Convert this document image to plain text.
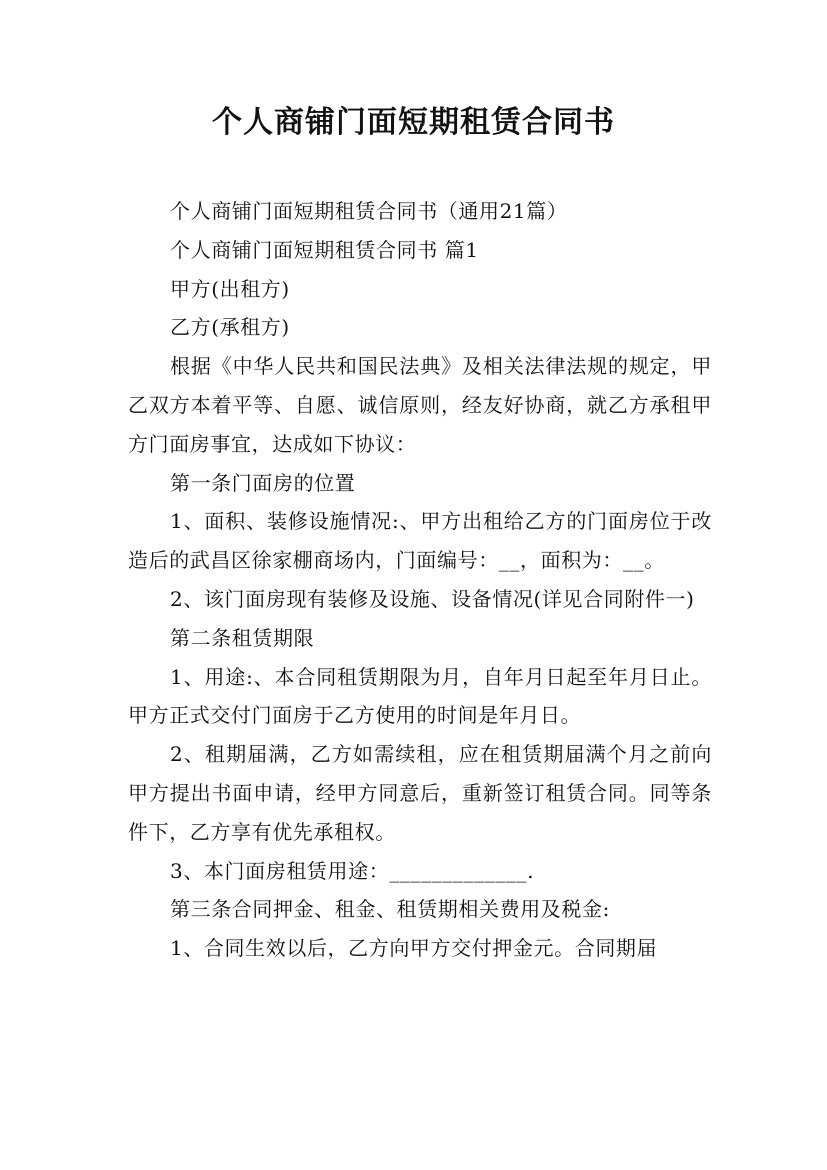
个人商铺门面短期租赁合同书

个人商铺门面短期租赁合同书（通用21篇）

个人商铺门面短期租赁合同书 篇1

甲方(出租方)

乙方(承租方)

根据《中华人民共和国民法典》及相关法律法规的规定，甲乙双方本着平等、自愿、诚信原则，经友好协商，就乙方承租甲方门面房事宜，达成如下协议：

第一条门面房的位置

1、面积、装修设施情况:、甲方出租给乙方的门面房位于改造后的武昌区徐家棚商场内，门面编号：__，面积为：__。

2、该门面房现有装修及设施、设备情况(详见合同附件一)

第二条租赁期限

1、用途:、本合同租赁期限为月，自年月日起至年月日止。甲方正式交付门面房于乙方使用的时间是年月日。

2、租期届满，乙方如需续租，应在租赁期届满个月之前向甲方提出书面申请，经甲方同意后，重新签订租赁合同。同等条件下，乙方享有优先承租权。

3、本门面房租赁用途：_____________.

第三条合同押金、租金、租赁期相关费用及税金:

1、合同生效以后，乙方向甲方交付押金元。合同期届
